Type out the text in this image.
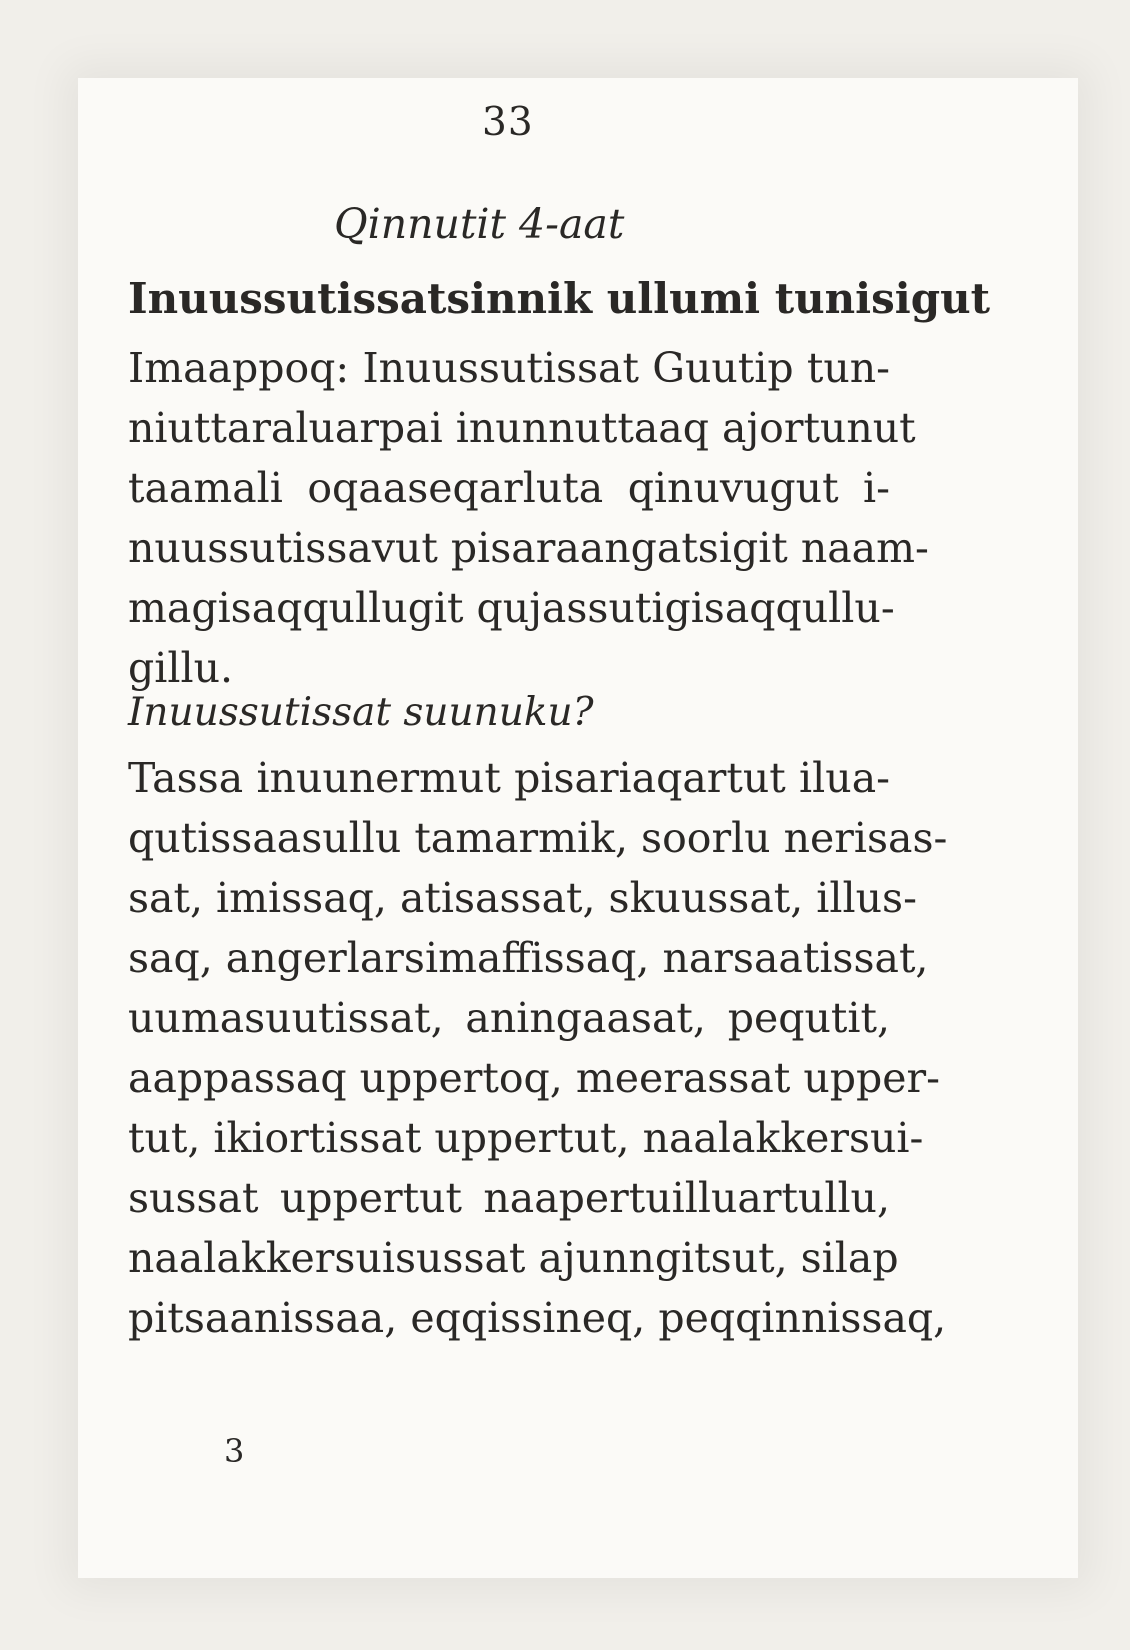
33
Qinnutit 4-aat
Inuussutissatsinnik ullumi tunisigut
Imaappoq: Inuussutissat Guutip tun-
niuttaraluarpai inunnuttaaq ajortunut
taamali oqaaseqarluta qinuvugut i-
nuussutissavut pisaraangatsigit naam-
magisaqqullugit qujassutigisaqqullu-
gillu.
Inuussutissat suunuku?
Tassa inuunermut pisariaqartut ilua-
qutissaasullu tamarmik, soorlu nerisas-
sat, imissaq, atisassat, skuussat, illus-
saq, angerlarsimaffissaq, narsaatissat,
uumasuutissat, aningaasat, pequtit,
aappassaq uppertoq, meerassat upper-
tut, ikiortissat uppertut, naalakkersui-
sussat uppertut naapertuilluartullu,
naalakkersuisussat ajunngitsut, silap
pitsaanissaa, eqqissineq, peqqinnissaq,
3
